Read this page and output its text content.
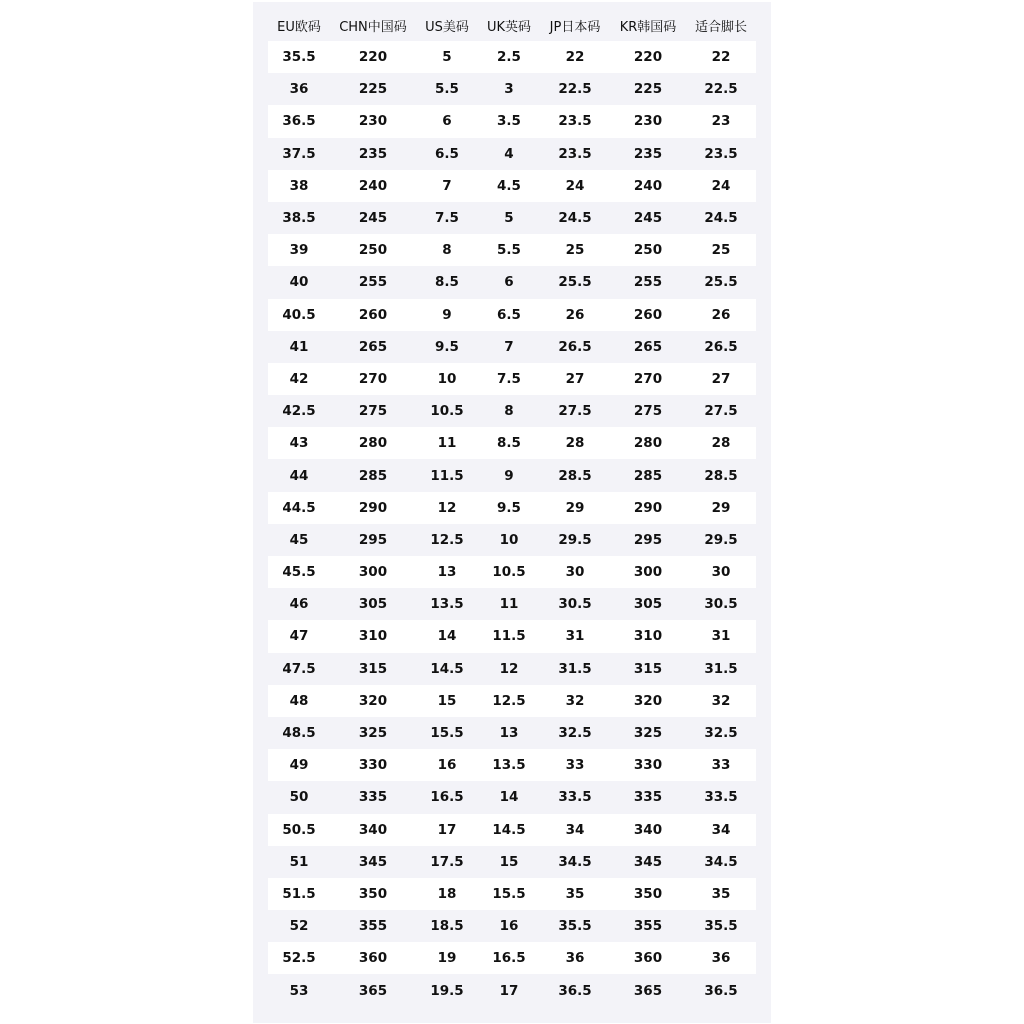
EU欧码	CHN中国码	US美码	UK英码	JP日本码	KR韩国码	适合脚长
35.5	220	5	2.5	22	220	22
36	225	5.5	3	22.5	225	22.5
36.5	230	6	3.5	23.5	230	23
37.5	235	6.5	4	23.5	235	23.5
38	240	7	4.5	24	240	24
38.5	245	7.5	5	24.5	245	24.5
39	250	8	5.5	25	250	25
40	255	8.5	6	25.5	255	25.5
40.5	260	9	6.5	26	260	26
41	265	9.5	7	26.5	265	26.5
42	270	10	7.5	27	270	27
42.5	275	10.5	8	27.5	275	27.5
43	280	11	8.5	28	280	28
44	285	11.5	9	28.5	285	28.5
44.5	290	12	9.5	29	290	29
45	295	12.5	10	29.5	295	29.5
45.5	300	13	10.5	30	300	30
46	305	13.5	11	30.5	305	30.5
47	310	14	11.5	31	310	31
47.5	315	14.5	12	31.5	315	31.5
48	320	15	12.5	32	320	32
48.5	325	15.5	13	32.5	325	32.5
49	330	16	13.5	33	330	33
50	335	16.5	14	33.5	335	33.5
50.5	340	17	14.5	34	340	34
51	345	17.5	15	34.5	345	34.5
51.5	350	18	15.5	35	350	35
52	355	18.5	16	35.5	355	35.5
52.5	360	19	16.5	36	360	36
53	365	19.5	17	36.5	365	36.5
